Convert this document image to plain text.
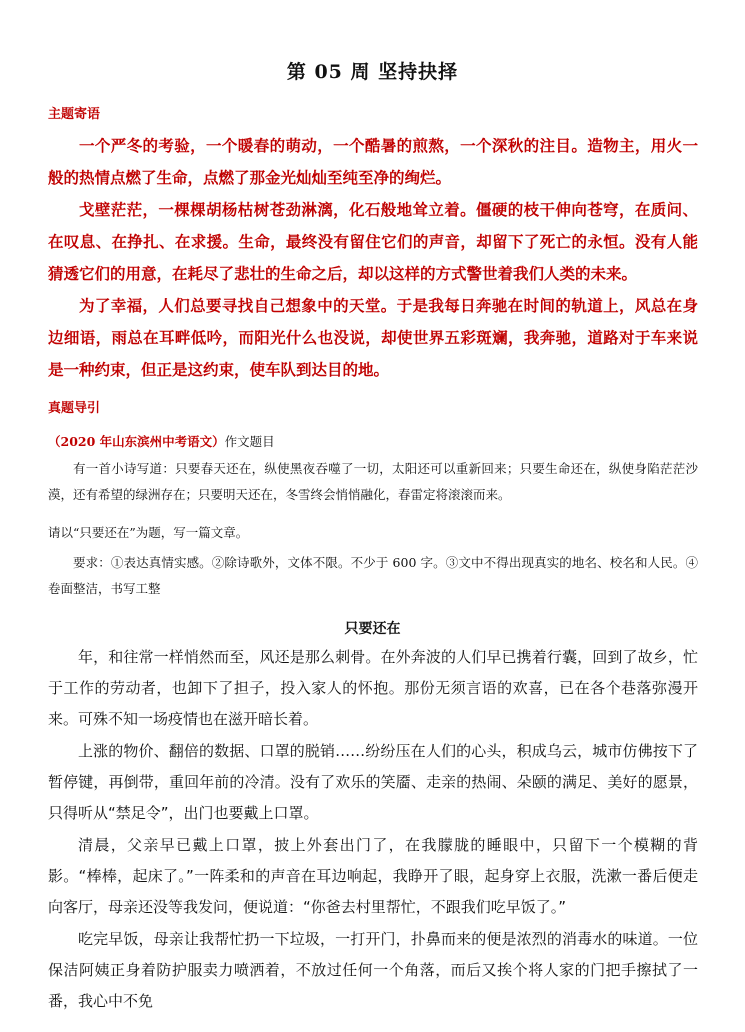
第 05 周 坚持抉择
主题寄语

一个严冬的考验，一个暖春的萌动，一个酷暑的煎熬，一个深秋的注目。造物主，用火一般的热情点燃了生命，点燃了那金光灿灿至纯至净的绚烂。

戈壁茫茫，一棵棵胡杨枯树苍劲淋漓，化石般地耸立着。僵硬的枝干伸向苍穹，在质问、在叹息、在挣扎、在求援。生命，最终没有留住它们的声音，却留下了死亡的永恒。没有人能猜透它们的用意，在耗尽了悲壮的生命之后，却以这样的方式警世着我们人类的未来。

为了幸福，人们总要寻找自己想象中的天堂。于是我每日奔驰在时间的轨道上，风总在身边细语，雨总在耳畔低吟，而阳光什么也没说，却使世界五彩斑斓，我奔驰，道路对于车来说是一种约束，但正是这约束，使车队到达目的地。

真题导引
（2020 年山东滨州中考语文）作文题目

有一首小诗写道：只要春天还在，纵使黑夜吞噬了一切，太阳还可以重新回来；只要生命还在，纵使身陷茫茫沙漠，还有希望的绿洲存在；只要明天还在，冬雪终会悄悄融化，春雷定将滚滚而来。

请以“只要还在”为题，写一篇文章。

要求：①表达真情实感。②除诗歌外，文体不限。不少于 600 字。③文中不得出现真实的地名、校名和人民。④卷面整洁，书写工整

只要还在

年，和往常一样悄然而至，风还是那么刺骨。在外奔波的人们早已携着行囊，回到了故乡，忙于工作的劳动者，也卸下了担子，投入家人的怀抱。那份无须言语的欢喜，已在各个巷落弥漫开来。可殊不知一场疫情也在滋开暗长着。

上涨的物价、翻倍的数据、口罩的脱销……纷纷压在人们的心头，积成乌云，城市仿佛按下了暂停键，再倒带，重回年前的冷清。没有了欢乐的笑靥、走亲的热闹、朵颐的满足、美好的愿景，只得听从“禁足令”，出门也要戴上口罩。

清晨，父亲早已戴上口罩，披上外套出门了，在我朦胧的睡眼中，只留下一个模糊的背影。“棒棒，起床了。”一阵柔和的声音在耳边响起，我睁开了眼，起身穿上衣服，洗漱一番后便走向客厅，母亲还没等我发问，便说道：“你爸去村里帮忙，不跟我们吃早饭了。”

吃完早饭，母亲让我帮忙扔一下垃圾，一打开门，扑鼻而来的便是浓烈的消毒水的味道。一位保洁阿姨正身着防护服卖力喷洒着，不放过任何一个角落，而后又挨个将人家的门把手擦拭了一番，我心中不免
